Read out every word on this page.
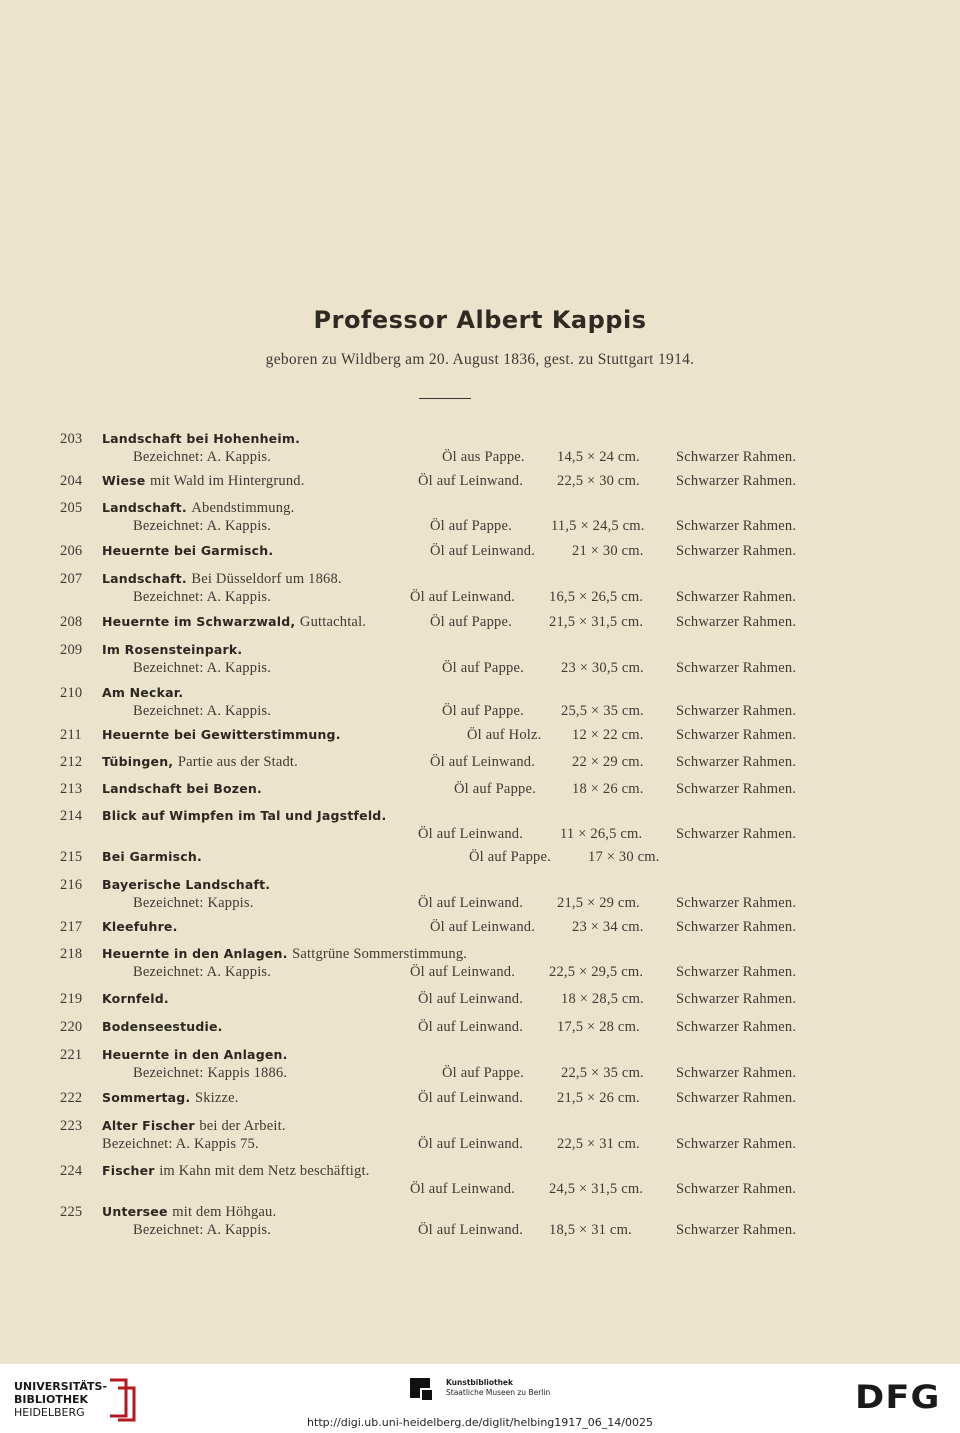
Professor Albert Kappis
geboren zu Wildberg am 20. August 1836, gest. zu Stuttgart 1914.
203 Landschaft bei Hohenheim.
Bezeichnet: A. Kappis.	Öl aus Pappe. 14,5 × 24 cm. Schwarzer Rahmen.
204 Wiese mit Wald im Hintergrund.	Öl auf Leinwand. 22,5 × 30 cm. Schwarzer Rahmen.
205 Landschaft. Abendstimmung.
Bezeichnet: A. Kappis.	Öl auf Pappe.	11,5 × 24,5 cm. Schwarzer Rahmen.
206 Heuernte bei Garmisch.	Öl auf Leinwand.	21 × 30 cm. Schwarzer Rahmen.
207 Landschaft. Bei Düsseldorf um 1868.
Bezeichnet: A. Kappis.	Öl auf Leinwand. 16,5 × 26,5 cm. Schwarzer Rahmen.
208 Heuernte im Schwarzwald, Guttachtal.	Öl auf Pappe.	21,5 × 31,5 cm. Schwarzer Rahmen.
209 Im Rosensteinpark.
Bezeichnet: A. Kappis.	Öl auf Pappe.	23 × 30,5 cm. Schwarzer Rahmen.
210 Am Neckar.
Bezeichnet: A. Kappis.	Öl auf Pappe.	25,5 × 35 cm. Schwarzer Rahmen.
211 Heuernte bei Gewitterstimmung.	Öl auf Holz. 12 × 22 cm. Schwarzer Rahmen.
212 Tübingen, Partie aus der Stadt.	Öl auf Leinwand.	22 × 29 cm. Schwarzer Rahmen.
213 Landschaft bei Bozen.	Öl auf Pappe. 18 × 26 cm. Schwarzer Rahmen.
214 Blick auf Wimpfen im Tal und Jagstfeld.
Öl auf Leinwand.	11 × 26,5 cm. Schwarzer Rahmen.
215 Bei Garmisch.	Öl auf Pappe.	17 × 30 cm.
216 Bayerische Landschaft.
Bezeichnet: Kappis.	Öl auf Leinwand. 21,5 × 29 cm. Schwarzer Rahmen.
217 Kleefuhre.	Öl auf Leinwand.	23 × 34 cm. Schwarzer Rahmen.
218 Heuernte in den Anlagen. Sattgrüne Sommerstimmung.
Bezeichnet: A. Kappis.	Öl auf Leinwand. 22,5 × 29,5 cm. Schwarzer Rahmen.
219 Kornfeld.	Öl auf Leinwand.	18 × 28,5 cm. Schwarzer Rahmen.
220 Bodenseestudie.	Öl auf Leinwand. 17,5 × 28 cm. Schwarzer Rahmen.
221 Heuernte in den Anlagen.
Bezeichnet: Kappis 1886.	Öl auf Pappe.	22,5 × 35 cm. Schwarzer Rahmen.
222 Sommertag. Skizze.	Öl auf Leinwand. 21,5 × 26 cm. Schwarzer Rahmen.
223 Alter Fischer bei der Arbeit.
Bezeichnet: A. Kappis 75.	Öl auf Leinwand. 22,5 × 31 cm. Schwarzer Rahmen.
224 Fischer im Kahn mit dem Netz beschäftigt.
Öl auf Leinwand. 24,5 × 31,5 cm. Schwarzer Rahmen.
225 Untersee mit dem Höhgau.
Bezeichnet: A. Kappis.	Öl auf Leinwand. 18,5 × 31 cm.	Schwarzer Rahmen.
UNIVERSITÄTS-
BIBLIOTHEK
HEIDELBERG
Kunstbibliothek
Staatliche Museen zu Berlin	DFG
http://digi.ub.uni-heidelberg.de/diglit/helbing1917_06_14/0025
